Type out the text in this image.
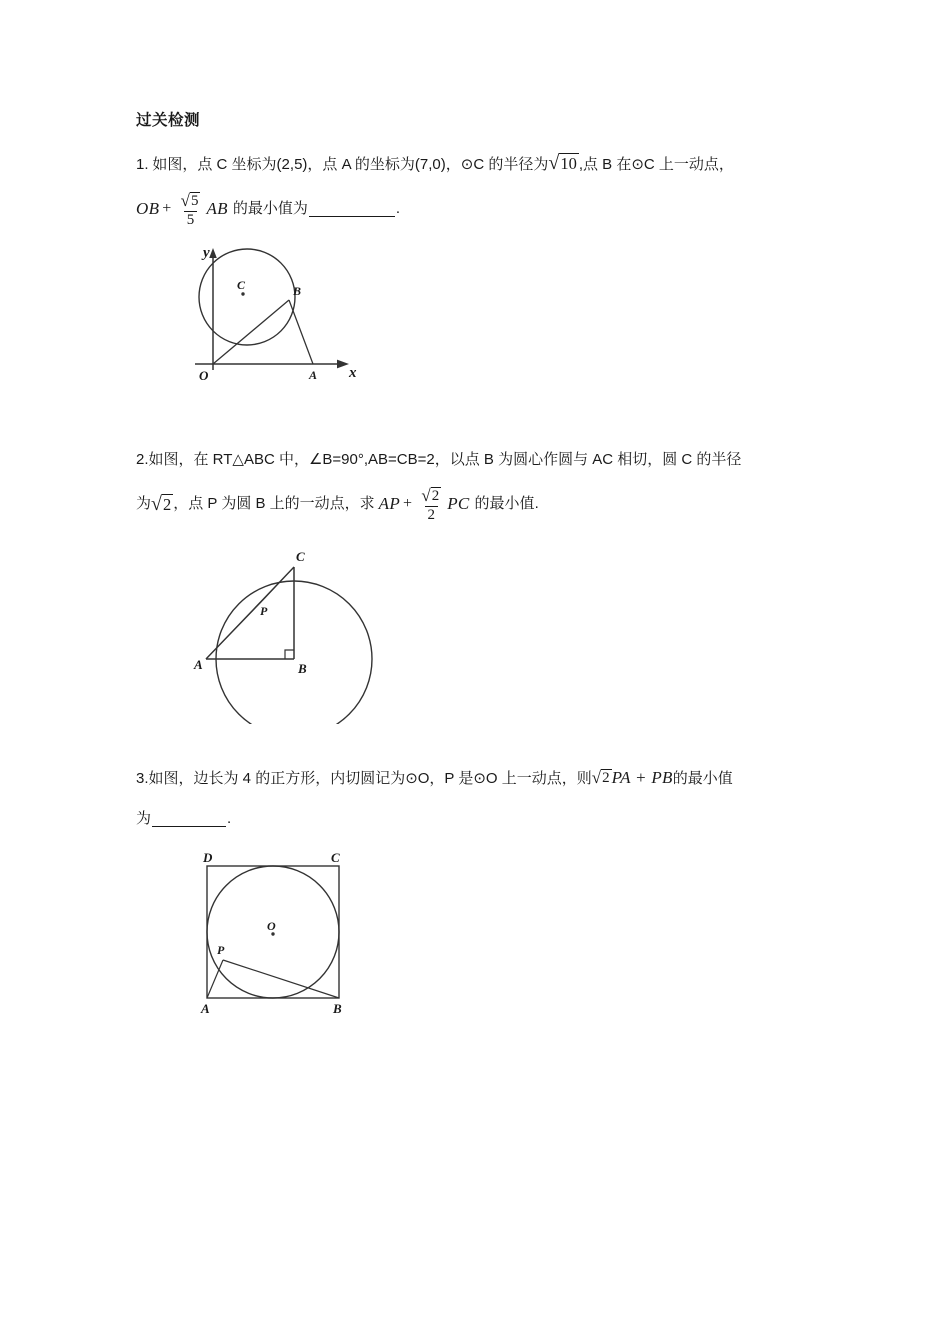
过关检测
1. 如图，点 C 坐标为(2,5)，点 A 的坐标为(7,0)，⊙C 的半径为 √ 10 ,点 B 在⊙C 上一动点，
OB + $\frac{√ 5}{5}$ AB 的最小值为	.
y
x
O	A
B
C
2.如图，在 RT△ABC 中，∠B=90°,AB=CB=2，以点 B 为圆心作圆与 AC 相切，圆 C 的半径
为 √ 2 ，点 P 为圆 B 上的一动点，求 AP + $\frac{√ 2}{2}$ PC 的最小值 .
C
B
A
P
3.如图，边长为 4 的正方形，内切圆记为⊙O，P 是⊙O 上一动点，则 √ 2 PA + PB的最小值
为	.
D	C
A	B
P
O
